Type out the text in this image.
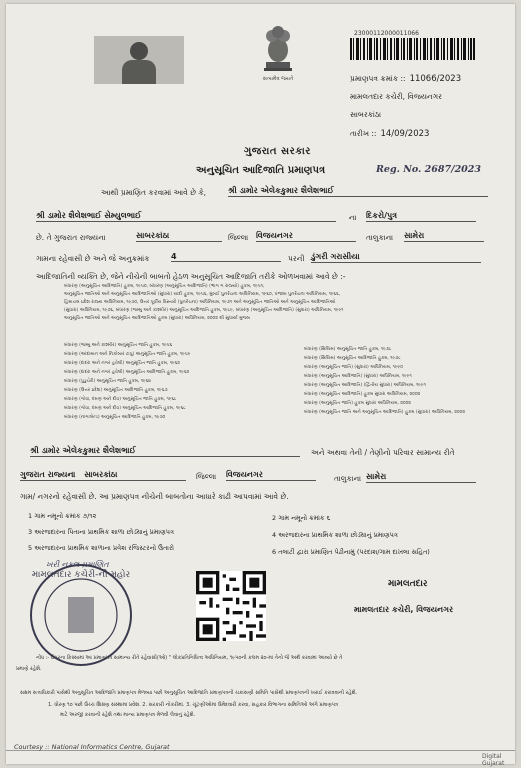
સત્યમેવ જયતે
230001120000110​66
પ્રમાણપત્ર ક્રમાંક :: 11066/2023
મામલતદાર કચેરી, વિજયનગર
સાબરકાંઠા
તારીખ :: 14/09/2023
ગુજરાત સરકાર
અનુસૂચિત આદિજાતિ પ્રમાણપત્ર	Reg. No. 2687/2023
આથી પ્રમાણિત કરવામાં આવે છે કે,	શ્રી ડામોર એલેકકુમાર શૈલેશભાઈ
શ્રી ડામોર શૈલેશભાઈ સેમ્યુલભાઈ	ના દિકરો/પુત્ર
છે. તે ગુજરાત રાજ્યના	સાબરકાંઠા	જિલ્લા વિજયનગર	તાલુકાના સામેરા
ગામના રહેવાસી છે અને જે અનુક્રમાંક	4	પરની ડુંગરી ગરાસીયા
આદિજાતિની વ્યક્તિ છે, જેને નીચેની બાબતો હેઠળ અનુસૂચિત આદિજાતિ તરીકે ઓળખવામાં આવે છે :-
બંધારણ (અનુસૂચિત આદિજાતિ) હુકમ, ૧૯૫૦, બંધારણ (અનુસૂચિત આદિજાતિ) (ભાગ ગ રાજ્યો) હુકમ, ૧૯૫૧,
અનુસૂચિત જાતિઓ અને અનુસૂચિત આદિજાતિઓ (સુધારા) યાદી હુકમ, ૧૯૫૬, મુંબઈ પુનર્રચના અધિનિયમ, ૧૯૬૦, પંજાબ પુનર્રચના અધિનિયમ, ૧૯૬૬,
હિમાચલ પ્રદેશ રાજ્ય અધિનિયમ, ૧૯૭૦, ઉત્તર પૂર્વીય વિસ્તારો (પુનર્રચના) અધિનિયમ, ૧૯૭૧ અને અનુસૂચિત જાતિઓ અને અનુસૂચિત આદિજાતિઓ
(સુધારા) અધિનિયમ, ૧૯૭૬, બંધારણ (જમ્મુ અને કાશ્મીર) અનુસૂચિત આદિજાતિ હુકમ, ૧૯૮૯, બંધારણ (અનુસૂચિત આદિજાતિ) (સુધારા) અધિનિયમ, ૧૯૯૧
અનુસૂચિત જાતિઓ અને અનુસૂચિત આદિજાતિઓ હુકમ (સુધારા) અધિનિયમ, ૨૦૦૨ થી સુધાર્યા મુજબ
બંધારણ (જમ્મુ અને કાશ્મીર) અનુસૂચિત જાતિ હુકમ, ૧૯૫૬
બંધારણ (આંદામાન અને નિકોબાર ટાપુ) અનુસૂચિત જાતિ હુકમ, ૧૯૫૯
બંધારણ (દાદરા અને નગર હવેલી) અનુસૂચિત જાતિ હુકમ, ૧૯૬૨
બંધારણ (દાદરા અને નગર હવેલી) અનુસૂચિત આદિજાતિ હુકમ, ૧૯૬૨
બંધારણ (પુડુચેરી) અનુસૂચિત જાતિ હુકમ, ૧૯૬૪
બંધારણ (ઉત્તર પ્રદેશ) અનુસૂચિત આદિજાતિ હુકમ, ૧૯૬૭
બંધારણ (ગોવા, દમણ અને દીવ) અનુસૂચિત જાતિ હુકમ, ૧૯૬૮
બંધારણ (ગોવા, દમણ અને દીવ) અનુસૂચિત આદિજાતિ હુકમ, ૧૯૬૮
બંધારણ (નાગાલેન્ડ) અનુસૂચિત આદિજાતિ હુકમ, ૧૯૭૦
બંધારણ (સિક્કિમ) અનુસૂચિત જાતિ હુકમ, ૧૯૭૮
બંધારણ (સિક્કિમ) અનુસૂચિત આદિજાતિ હુકમ, ૧૯૭૮
બંધારણ (અનુસૂચિત જાતિ) (સુધારા) અધિનિયમ, ૧૯૯૦
બંધારણ (અનુસૂચિત આદિજાતિ) (સુધારા) અધિનિયમ, ૧૯૯૧
બંધારણ (અનુસૂચિત આદિજાતિ) (દ્વિતીય સુધારા) અધિનિયમ, ૧૯૯૧
બંધારણ (અનુસૂચિત આદિજાતિ) હુકમ સુધારા અધિનિયમ, ૨૦૦૨
બંધારણ (અનુસૂચિત જાતિ) હુકમ સુધારા અધિનિયમ, ૨૦૦૨
બંધારણ (અનુસૂચિત જાતિ અને અનુસૂચિત આદિજાતિ) હુકમ (સુધારા) અધિનિયમ, ૨૦૦૨
શ્રી ડામોર એલેકકુમાર શૈલેશભાઈ	અને અથવા તેની / તેણીનો પરિવાર સામાન્ય રીતે
ગુજરાત રાજ્યના સાબરકાંઠા	જિલ્લા વિજયનગર	તાલુકાના સામેરા
ગામ/ નગરનો રહેવાસી છે. આ પ્રમાણપત્ર નીચેની બાબતોના આધારે કાઢી આપવામાં આવે છે.
1 ગામ નમૂનો ક્રમાંક ૭/૧૨
3 અરજદારના પિતાના પ્રાથમિક શાળા છોડ્યાનું પ્રમાણપત્ર
5 અરજદારના પ્રાથમિક શાળાના પ્રવેશ રજિસ્ટરનો ઉતારો
2 ગામ નમૂનો ક્રમાંક ૬
4 અરજદારના પ્રાથમિક શાળા છોડ્યાનું પ્રમાણપત્ર
6 તલાટી દ્વારા પ્રમાણિત પેઢીનામું (પરદાશ/ગામ દાખલા સહિત)
ખરી નકલ પ્રમાણિત
મામલતદાર કચેરી-ની મહોર
મામલતદાર
મામલતદાર કચેરી, વિજયનગર
નોંધ :- ઉપરના કિસ્સામાં આ પ્રમાણપત્ર સામાન્ય રીતે રહેવાસી(ઓ) " લોકપ્રતિનિધિત્વ અધિનિયમ, ૧૯૫૦ની કલમ ૨૦-માં તેનો જે અર્થ કરવામાં આવ્યો છે તે
પ્રમાણે રહેશે.
સક્ષમ સત્તાધિકારી પાસેથી અનુસૂચિત આદિજાતિ પ્રમાણપત્ર મેળવ્યા પછી અનુસૂચિત આદિજાતિ પ્રમાણપત્રની ચકાસણી સમિતિ પાસેથી પ્રમાણપત્રની ખરાઈ કરાવવાની રહેશે.
1. ધોરણ ૧૦ પછી ઉચ્ચ શિક્ષણ સંસ્થામાં પ્રવેશ. 2. સરકારી નોકરીમાં. 3. ચૂંટણીઓમાં ઉમેદવારી કરવા, સહકાર વિભાગના સમિતિઓ અંગે પ્રમાણપત્ર
માટે અરજી કરવાની રહેશે તથા માન્ય પ્રમાણપત્ર મેળવી લેવાનું રહેશે.
Courtesy :: National Informatics Centre, Gujarat
Digital Gujarat
